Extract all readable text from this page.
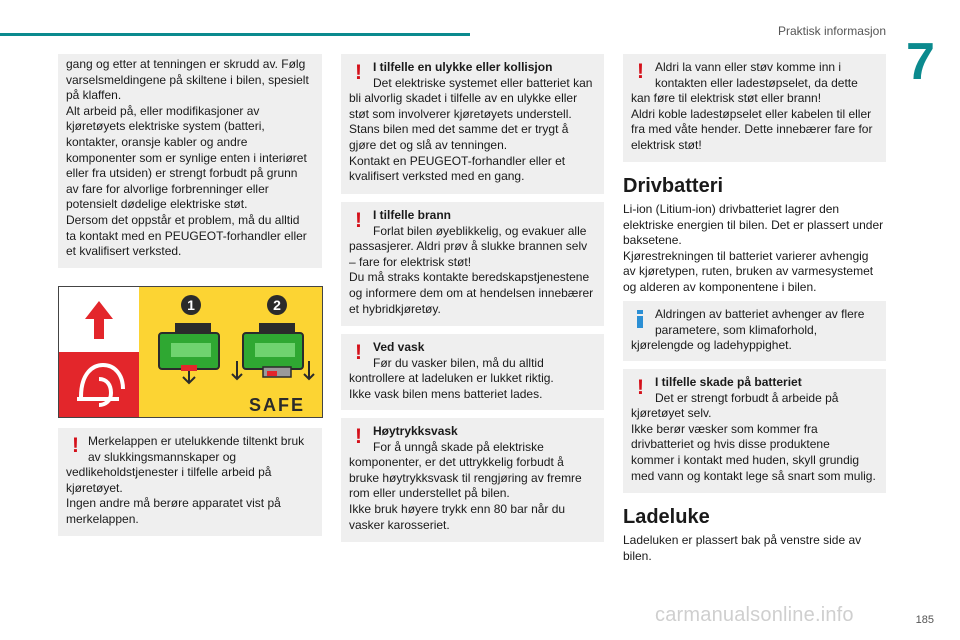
Praktisk informasjon
7

gang og etter at tenningen er skrudd av. Følg

varselsmeldingene på skiltene i bilen, spesielt

på klaffen.

Alt arbeid på, eller modifikasjoner av

kjøretøyets elektriske system (batteri,

kontakter, oransje kabler og andre

komponenter som er synlige enten i interiøret

eller fra utsiden) er strengt forbudt på grunn

av fare for alvorlige forbrenninger eller

potensielt dødelige elektriske støt.

Dersom det oppstår et problem, må du alltid

ta kontakt med en PEUGEOT-forhandler eller

et kvalifisert verksted.

1	2
SAFE
! Merkelappen er utelukkende tiltenkt bruk

av slukkingsmannskaper og

vedlikeholdstjenester i tilfelle arbeid på

kjøretøyet.

Ingen andre må berøre apparatet vist på

merkelappen.

! I tilfelle en ulykke eller kollisjon

Det elektriske systemet eller batteriet kan

bli alvorlig skadet i tilfelle av en ulykke eller

støt som involverer kjøretøyets understell.

Stans bilen med det samme det er trygt å

gjøre det og slå av tenningen.

Kontakt en PEUGEOT-forhandler eller et

kvalifisert verksted med en gang.

! I tilfelle brann

Forlat bilen øyeblikkelig, og evakuer alle

passasjerer. Aldri prøv å slukke brannen selv

– fare for elektrisk støt!

Du må straks kontakte beredskapstjenestene

og informere dem om at hendelsen innebærer

et hybridkjøretøy.

! Ved vask

Før du vasker bilen, må du alltid

kontrollere at ladeluken er lukket riktig.

Ikke vask bilen mens batteriet lades.

! Høytrykksvask

For å unngå skade på elektriske

komponenter, er det uttrykkelig forbudt å

bruke høytrykksvask til rengjøring av fremre

rom eller understellet på bilen.

Ikke bruk høyere trykk enn 80 bar når du

vasker karosseriet.

! Aldri la vann eller støv komme inn i

kontakten eller ladestøpselet, da dette

kan føre til elektrisk støt eller brann!

Aldri koble ladestøpselet eller kabelen til eller

fra med våte hender. Dette innebærer fare for

elektrisk støt!

Drivbatteri

Li-ion (Litium-ion) drivbatteriet lagrer den

elektriske energien til bilen. Det er plassert under

baksetene.

Kjørestrekningen til batteriet varierer avhengig

av kjøretypen, ruten, bruken av varmesystemet

og alderen av komponentene i bilen.

Aldringen av batteriet avhenger av flere

parametere, som klimaforhold,

kjørelengde og ladehyppighet.

! I tilfelle skade på batteriet

Det er strengt forbudt å arbeide på

kjøretøyet selv.

Ikke berør væsker som kommer fra

drivbatteriet og hvis disse produktene

kommer i kontakt med huden, skyll grundig

med vann og kontakt lege så snart som mulig.

Ladeluke

Ladeluken er plassert bak på venstre side av

bilen.

carmanualsonline.info	185
